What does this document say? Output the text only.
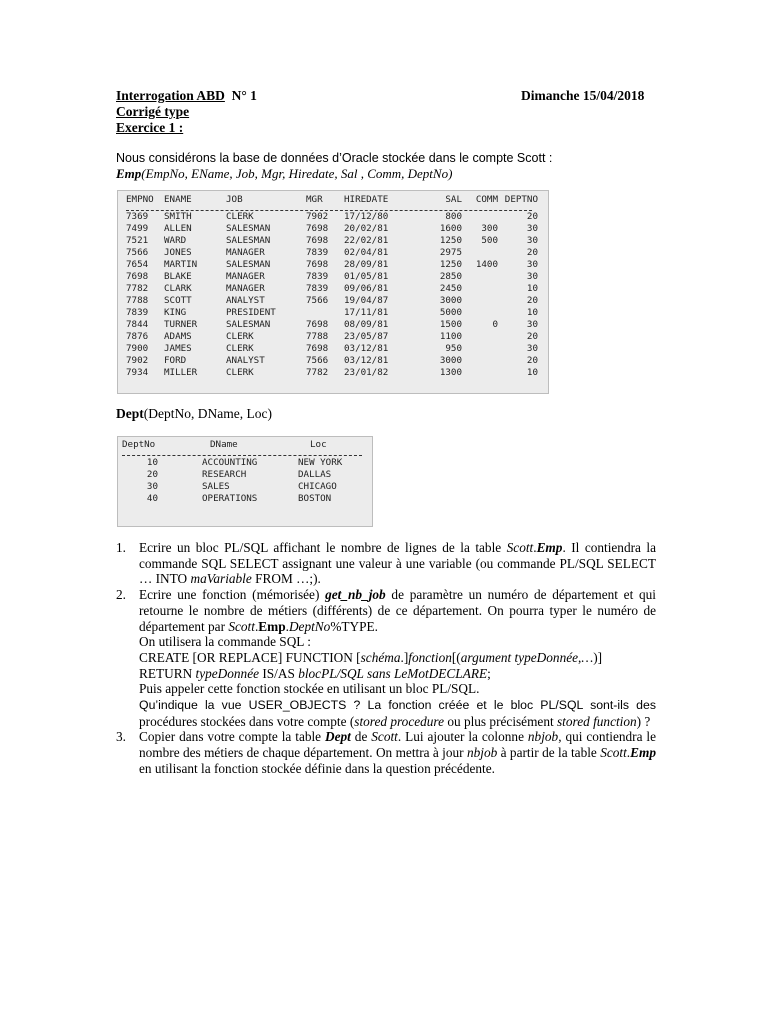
Interrogation ABD N° 1	Dimanche 15/04/2018
Corrigé type
Exercice 1 :
Nous considérons la base de données d’Oracle stockée dans le compte Scott :
Emp(EmpNo, EName, Job, Mgr, Hiredate, Sal , Comm, DeptNo)
EMPNO	ENAME	JOB	MGR	HIREDATE	SAL	COMM	DEPTNO

7369	SMITH	CLERK	7902	17/12/80	800		20
7499	ALLEN	SALESMAN	7698	20/02/81	1600	300	30
7521	WARD	SALESMAN	7698	22/02/81	1250	500	30
7566	JONES	MANAGER	7839	02/04/81	2975		20
7654	MARTIN	SALESMAN	7698	28/09/81	1250	1400	30
7698	BLAKE	MANAGER	7839	01/05/81	2850		30
7782	CLARK	MANAGER	7839	09/06/81	2450		10
7788	SCOTT	ANALYST	7566	19/04/87	3000		20
7839	KING	PRESIDENT		17/11/81	5000		10
7844	TURNER	SALESMAN	7698	08/09/81	1500	0	30
7876	ADAMS	CLERK	7788	23/05/87	1100		20
7900	JAMES	CLERK	7698	03/12/81	950		30
7902	FORD	ANALYST	7566	03/12/81	3000		20
7934	MILLER	CLERK	7782	23/01/82	1300		10
Dept(DeptNo, DName, Loc)
DeptNo	DName	Loc

10	ACCOUNTING	NEW YORK
20	RESEARCH	DALLAS
30	SALES	CHICAGO
40	OPERATIONS	BOSTON
1. Ecrire un bloc PL/SQL affichant le nombre de lignes de la table Scott.Emp. Il contiendra la commande SQL SELECT assignant une valeur à une variable (ou commande PL/SQL SELECT … INTO maVariable FROM …;).
2. Ecrire une fonction (mémorisée) get_nb_job de paramètre un numéro de département et qui retourne le nombre de métiers (différents) de ce département. On pourra typer le numéro de département par Scott.Emp.DeptNo%TYPE.
On utilisera la commande SQL :
CREATE [OR REPLACE] FUNCTION [schéma.]fonction[(argument typeDonnée,…)]
RETURN typeDonnée IS/AS blocPL/SQL sans LeMotDECLARE;
Puis appeler cette fonction stockée en utilisant un bloc PL/SQL.
Qu’indique la vue USER_OBJECTS ? La fonction créée et le bloc PL/SQL sont-ils des procédures stockées dans votre compte (stored procedure ou plus précisément stored function) ?
3. Copier dans votre compte la table Dept de Scott. Lui ajouter la colonne nbjob, qui contiendra le nombre des métiers de chaque département. On mettra à jour nbjob à partir de la table Scott.Emp en utilisant la fonction stockée définie dans la question précédente.
